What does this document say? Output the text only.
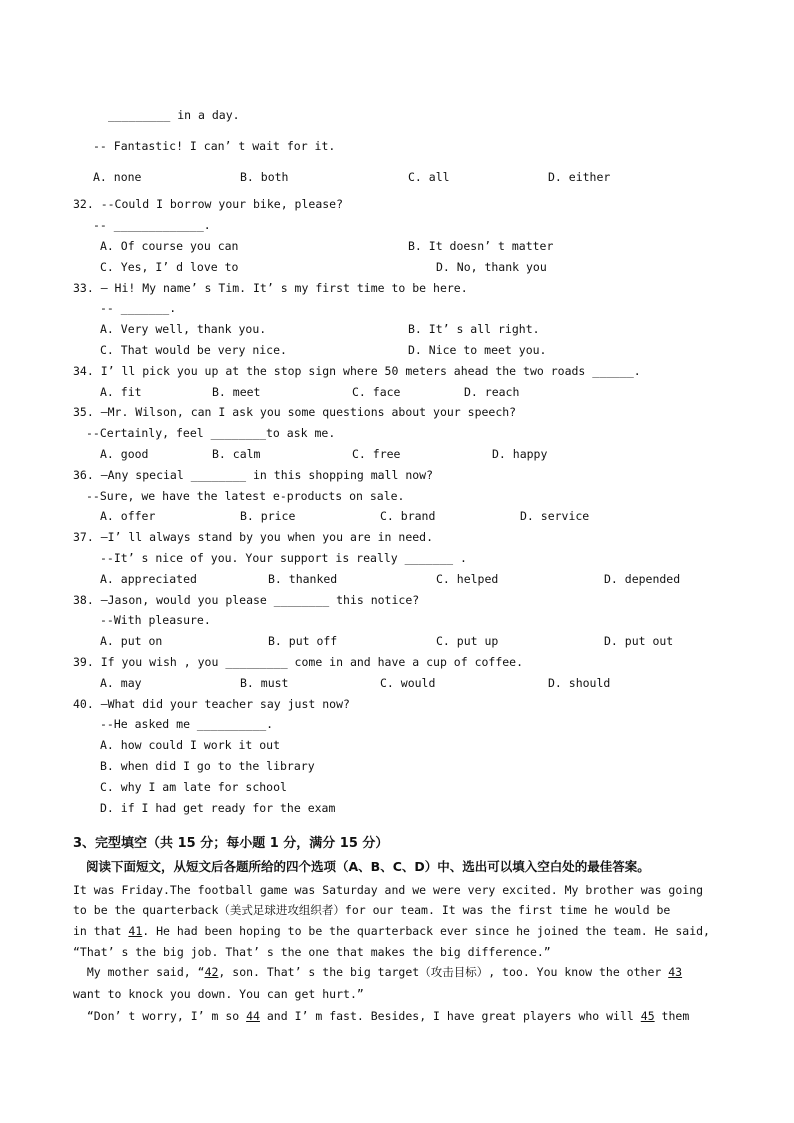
_________ in a day.
-- Fantastic! I can’ t wait for it.
A. none	B. both	C. all	D. either
32. --Could I borrow your bike, please?
-- _____________.
A. Of course you can	B. It doesn’ t matter
C. Yes, I’ d love to	D. No, thank you
33. – Hi! My name’ s Tim. It’ s my first time to be here.
-- _______.
A. Very well, thank you.	B. It’ s all right.
C. That would be very nice.	D. Nice to meet you.
34. I’ ll pick you up at the stop sign where 50 meters ahead the two roads ______.
A. fit	B. meet	C. face	D. reach
35. –Mr. Wilson, can I ask you some questions about your speech?
--Certainly, feel ________to ask me.
A. good	B. calm	C. free	D. happy
36. –Any special ________ in this shopping mall now?
--Sure, we have the latest e-products on sale.
A. offer	B. price	C. brand	D. service
37. –I’ ll always stand by you when you are in need.
--It’ s nice of you. Your support is really _______ .
A. appreciated	B. thanked	C. helped	D. depended
38. –Jason, would you please ________ this notice?
--With pleasure.
A. put on	B. put off	C. put up	D. put out
39. If you wish , you _________ come in and have a cup of coffee.
A. may	B. must	C. would	D. should
40. –What did your teacher say just now?
--He asked me __________.
A. how could I work it out
B. when did I go to the library
C. why I am late for school
D. if I had get ready for the exam
3、完型填空（共 15 分；每小题 1 分，满分 15 分）
阅读下面短文，从短文后各题所给的四个选项（A、B、C、D）中、选出可以填入空白处的最佳答案。
It was Friday.The football game was Saturday and we were very excited. My brother was going
to be the quarterback（美式足球进攻组织者）for our team. It was the first time he would be
in that 41. He had been hoping to be the quarterback ever since he joined the team. He said,
“That’ s the big job. That’ s the one that makes the big difference.”
My mother said, “42, son. That’ s the big target（攻击目标）, too. You know the other 43
want to knock you down. You can get hurt.”
“Don’ t worry, I’ m so 44 and I’ m fast. Besides, I have great players who will 45 them
